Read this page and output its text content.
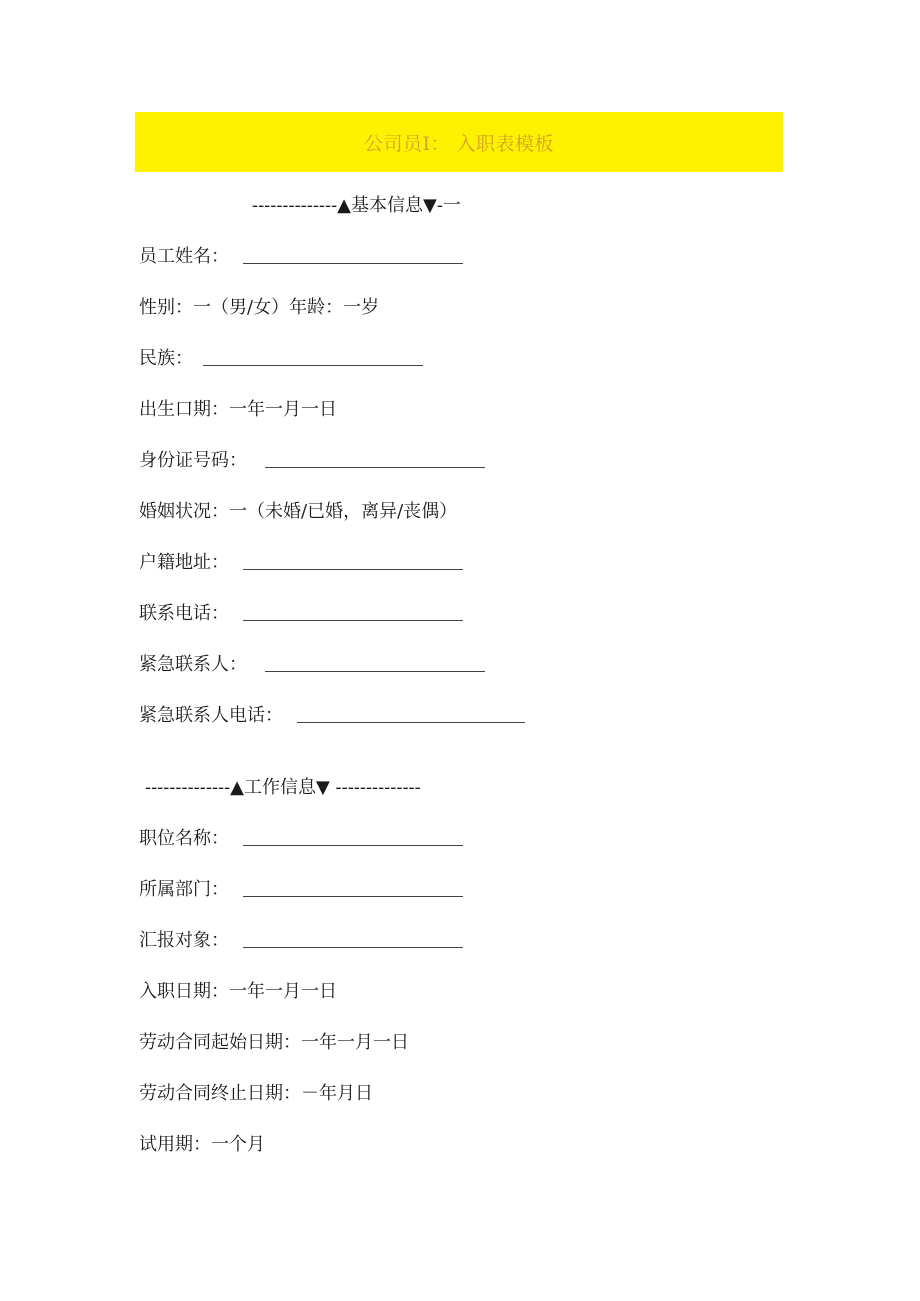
公司员I： 入职表模板
--------------▲基本信息▼-一
员工姓名：
性别：一（男/女）年龄：一岁
民族：
出生口期：一年一月一日
身份证号码：
婚姻状况：一（未婚/已婚，离异/丧偶）
户籍地址：
联系电话：
紧急联系人：
紧急联系人电话：
--------------▲工作信息▼ --------------
职位名称：
所属部门：
汇报对象：
入职日期：一年一月一日
劳动合同起始日期：一年一月一日
劳动合同终止日期：－年月日
试用期：一个月
